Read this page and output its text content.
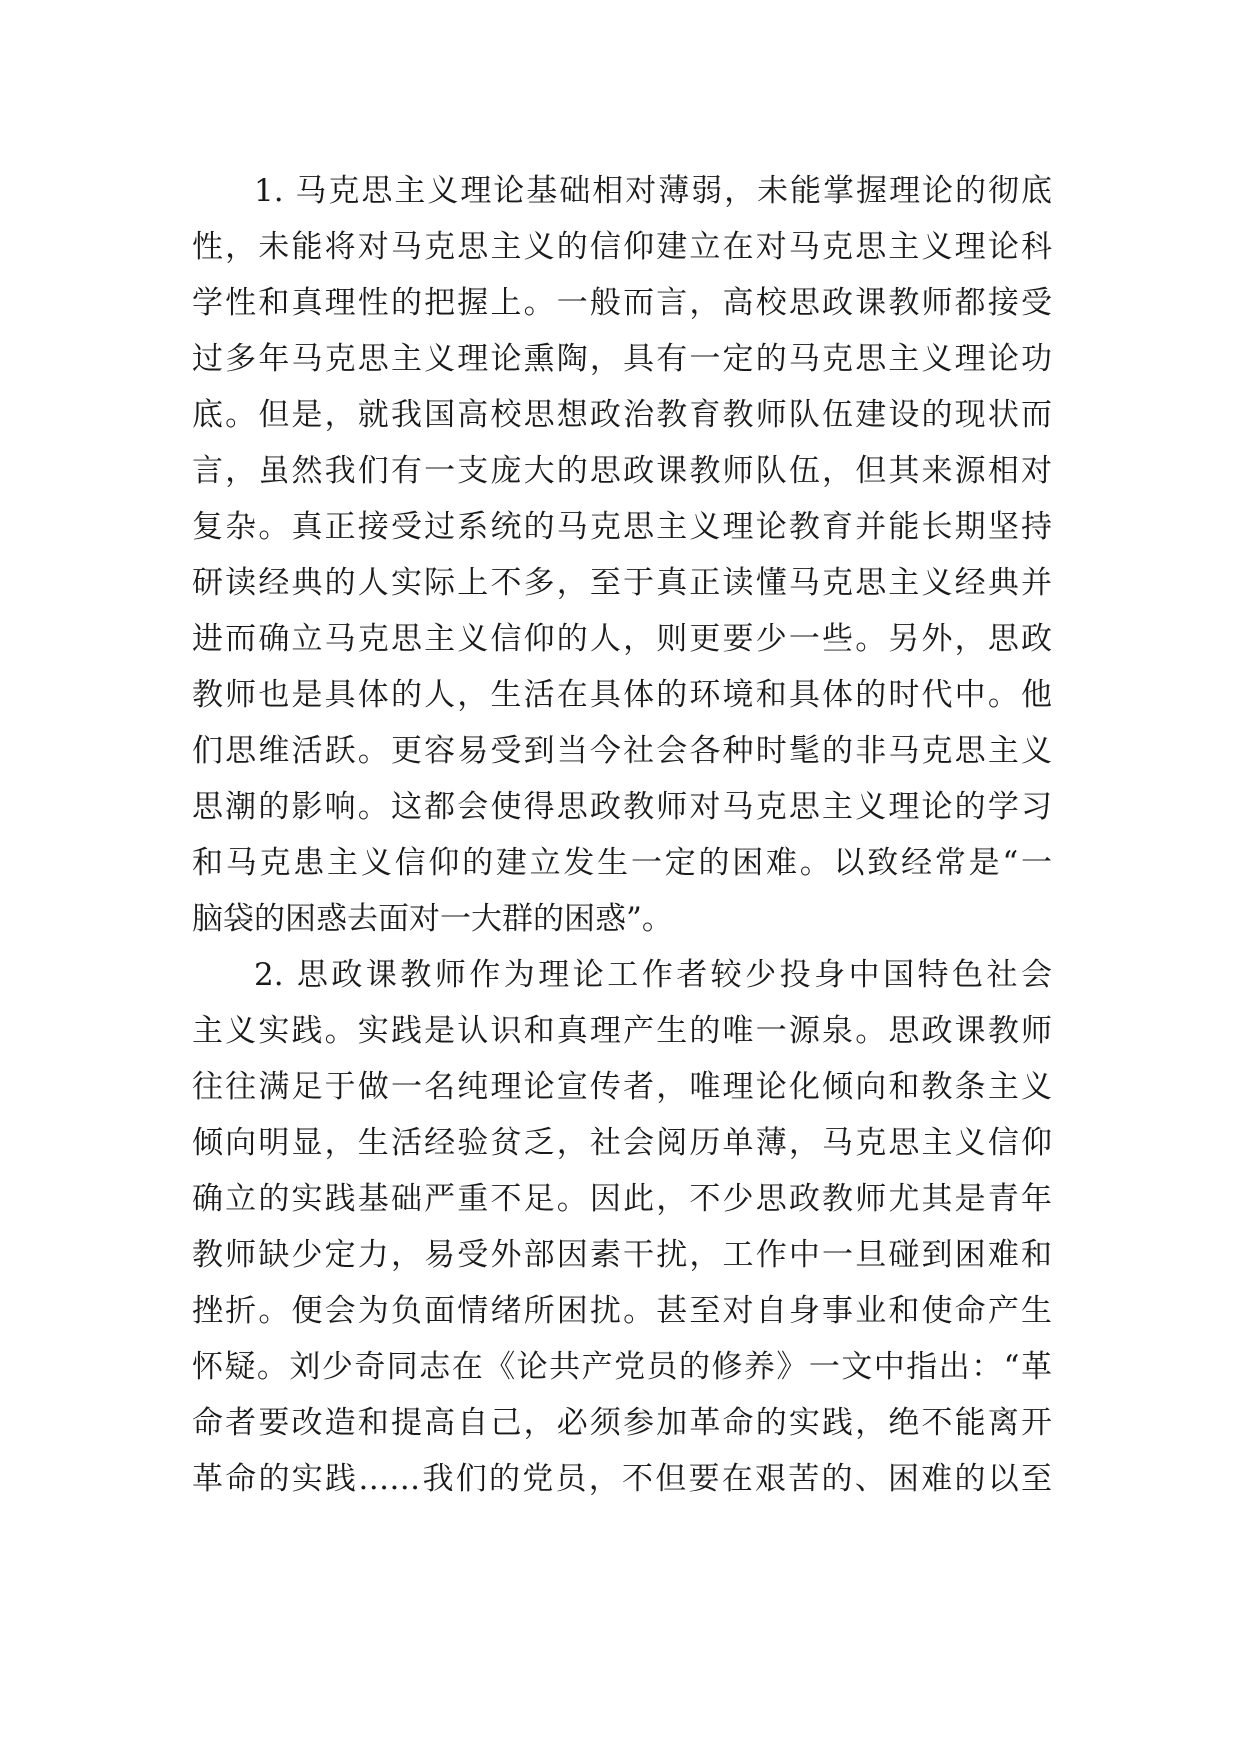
1. 马克思主义理论基础相对薄弱，未能掌握理论的彻底
性，未能将对马克思主义的信仰建立在对马克思主义理论科
学性和真理性的把握上。一般而言，高校思政课教师都接受
过多年马克思主义理论熏陶，具有一定的马克思主义理论功
底。但是，就我国高校思想政治教育教师队伍建设的现状而
言，虽然我们有一支庞大的思政课教师队伍，但其来源相对
复杂。真正接受过系统的马克思主义理论教育并能长期坚持
研读经典的人实际上不多，至于真正读懂马克思主义经典并
进而确立马克思主义信仰的人，则更要少一些。另外，思政
教师也是具体的人，生活在具体的环境和具体的时代中。他
们思维活跃。更容易受到当今社会各种时髦的非马克思主义
思潮的影响。这都会使得思政教师对马克思主义理论的学习
和马克患主义信仰的建立发生一定的困难。以致经常是“一
脑袋的困惑去面对一大群的困惑”。
2. 思政课教师作为理论工作者较少投身中国特色社会
主义实践。实践是认识和真理产生的唯一源泉。思政课教师
往往满足于做一名纯理论宣传者，唯理论化倾向和教条主义
倾向明显，生活经验贫乏，社会阅历单薄，马克思主义信仰
确立的实践基础严重不足。因此，不少思政教师尤其是青年
教师缺少定力，易受外部因素干扰，工作中一旦碰到困难和
挫折。便会为负面情绪所困扰。甚至对自身事业和使命产生
怀疑。刘少奇同志在《论共产党员的修养》一文中指出：“革
命者要改造和提高自己，必须参加革命的实践，绝不能离开
革命的实践……我们的党员，不但要在艰苦的、困难的以至
